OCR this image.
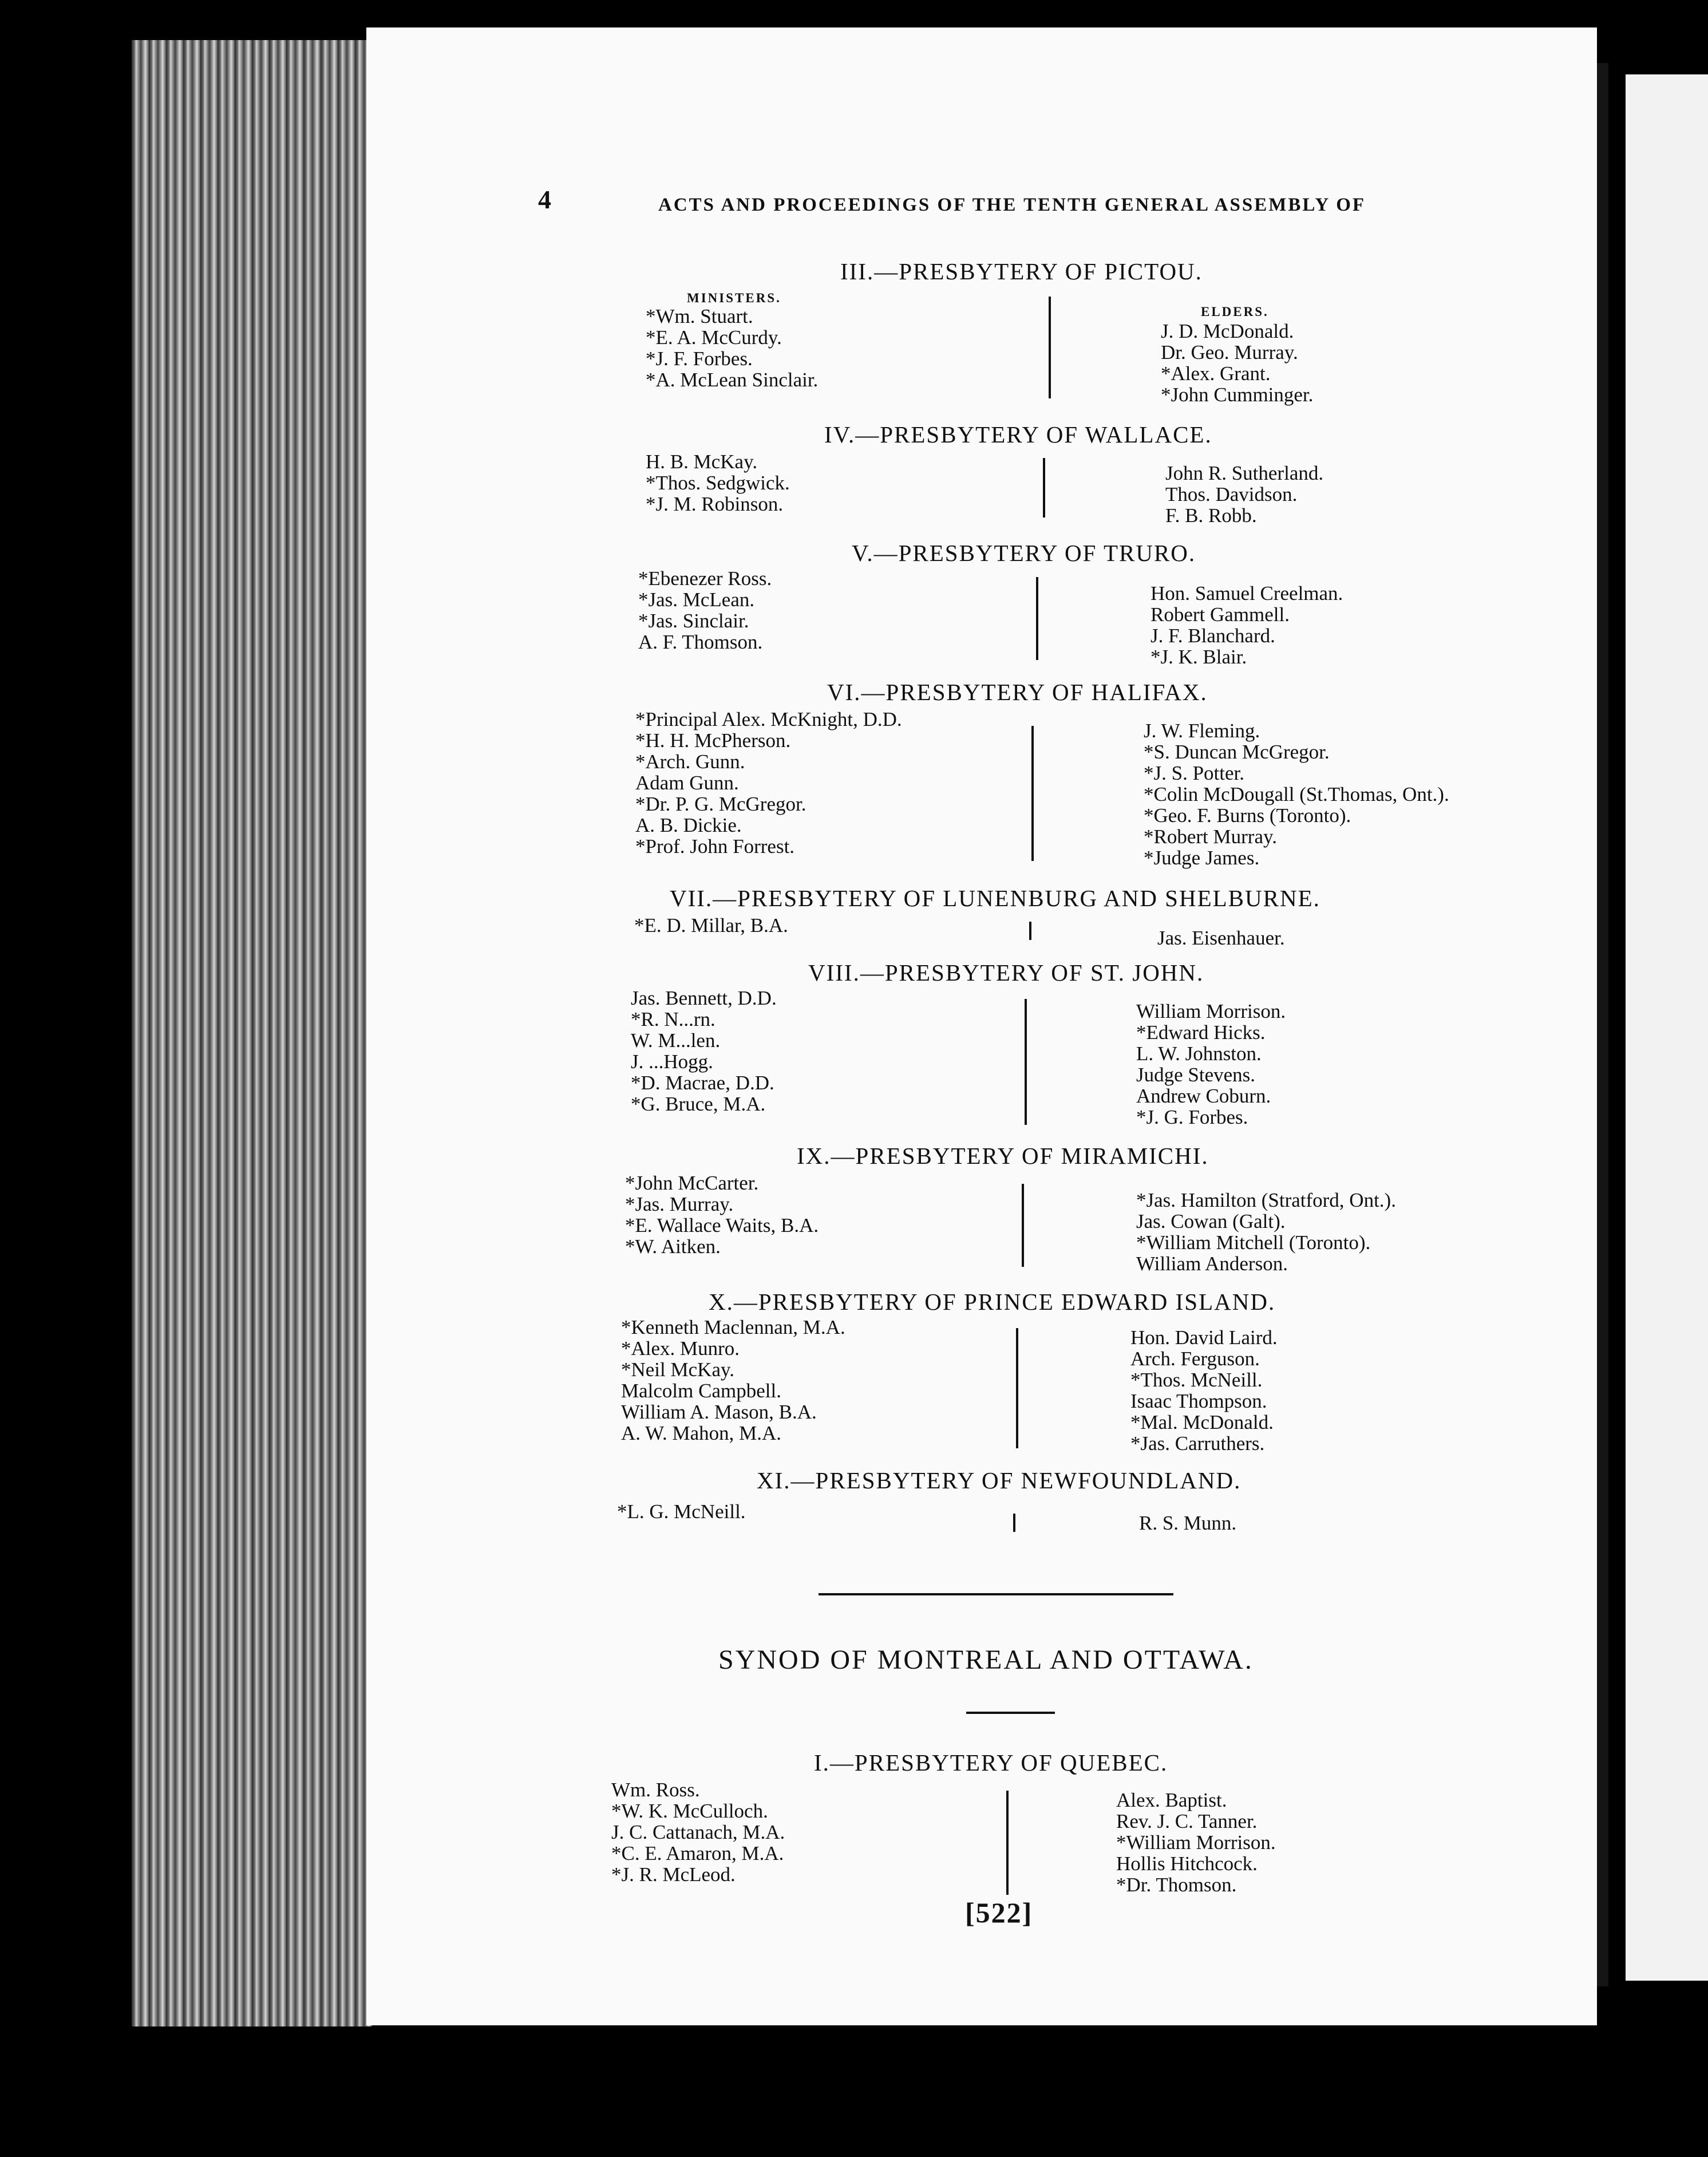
4	ACTS AND PROCEEDINGS OF THE TENTH GENERAL ASSEMBLY OF
III.—PRESBYTERY OF PICTOU.
MINISTERS.
ELDERS.
*Wm. Stuart.
*E. A. McCurdy.
*J. F. Forbes.
*A. McLean Sinclair.
J. D. McDonald.
Dr. Geo. Murray.
*Alex. Grant.
*John Cumminger.
IV.—PRESBYTERY OF WALLACE.
H. B. McKay.
*Thos. Sedgwick.
*J. M. Robinson.
John R. Sutherland.
Thos. Davidson.
F. B. Robb.
V.—PRESBYTERY OF TRURO.
*Ebenezer Ross.
*Jas. McLean.
*Jas. Sinclair.
A. F. Thomson.
Hon. Samuel Creelman.
Robert Gammell.
J. F. Blanchard.
*J. K. Blair.
VI.—PRESBYTERY OF HALIFAX.
*Principal Alex. McKnight, D.D.
*H. H. McPherson.
*Arch. Gunn.
Adam Gunn.
*Dr. P. G. McGregor.
A. B. Dickie.
*Prof. John Forrest.
J. W. Fleming.
*S. Duncan McGregor.
*J. S. Potter.
*Colin McDougall (St.Thomas, Ont.).
*Geo. F. Burns (Toronto).
*Robert Murray.
*Judge James.
VII.—PRESBYTERY OF LUNENBURG AND SHELBURNE.
*E. D. Millar, B.A.
Jas. Eisenhauer.
VIII.—PRESBYTERY OF ST. JOHN.
Jas. Bennett, D.D.
*R. N...rn.
W. M...len.
J. ...Hogg.
*D. Macrae, D.D.
*G. Bruce, M.A.
William Morrison.
*Edward Hicks.
L. W. Johnston.
Judge Stevens.
Andrew Coburn.
*J. G. Forbes.
IX.—PRESBYTERY OF MIRAMICHI.
*John McCarter.
*Jas. Murray.
*E. Wallace Waits, B.A.
*W. Aitken.
*Jas. Hamilton (Stratford, Ont.).
Jas. Cowan (Galt).
*William Mitchell (Toronto).
William Anderson.
X.—PRESBYTERY OF PRINCE EDWARD ISLAND.
*Kenneth Maclennan, M.A.
*Alex. Munro.
*Neil McKay.
Malcolm Campbell.
William A. Mason, B.A.
A. W. Mahon, M.A.
Hon. David Laird.
Arch. Ferguson.
*Thos. McNeill.
Isaac Thompson.
*Mal. McDonald.
*Jas. Carruthers.
XI.—PRESBYTERY OF NEWFOUNDLAND.
*L. G. McNeill.
R. S. Munn.
SYNOD OF MONTREAL AND OTTAWA.
I.—PRESBYTERY OF QUEBEC.
Wm. Ross.
*W. K. McCulloch.
J. C. Cattanach, M.A.
*C. E. Amaron, M.A.
*J. R. McLeod.
Alex. Baptist.
Rev. J. C. Tanner.
*William Morrison.
Hollis Hitchcock.
*Dr. Thomson.
[522]
